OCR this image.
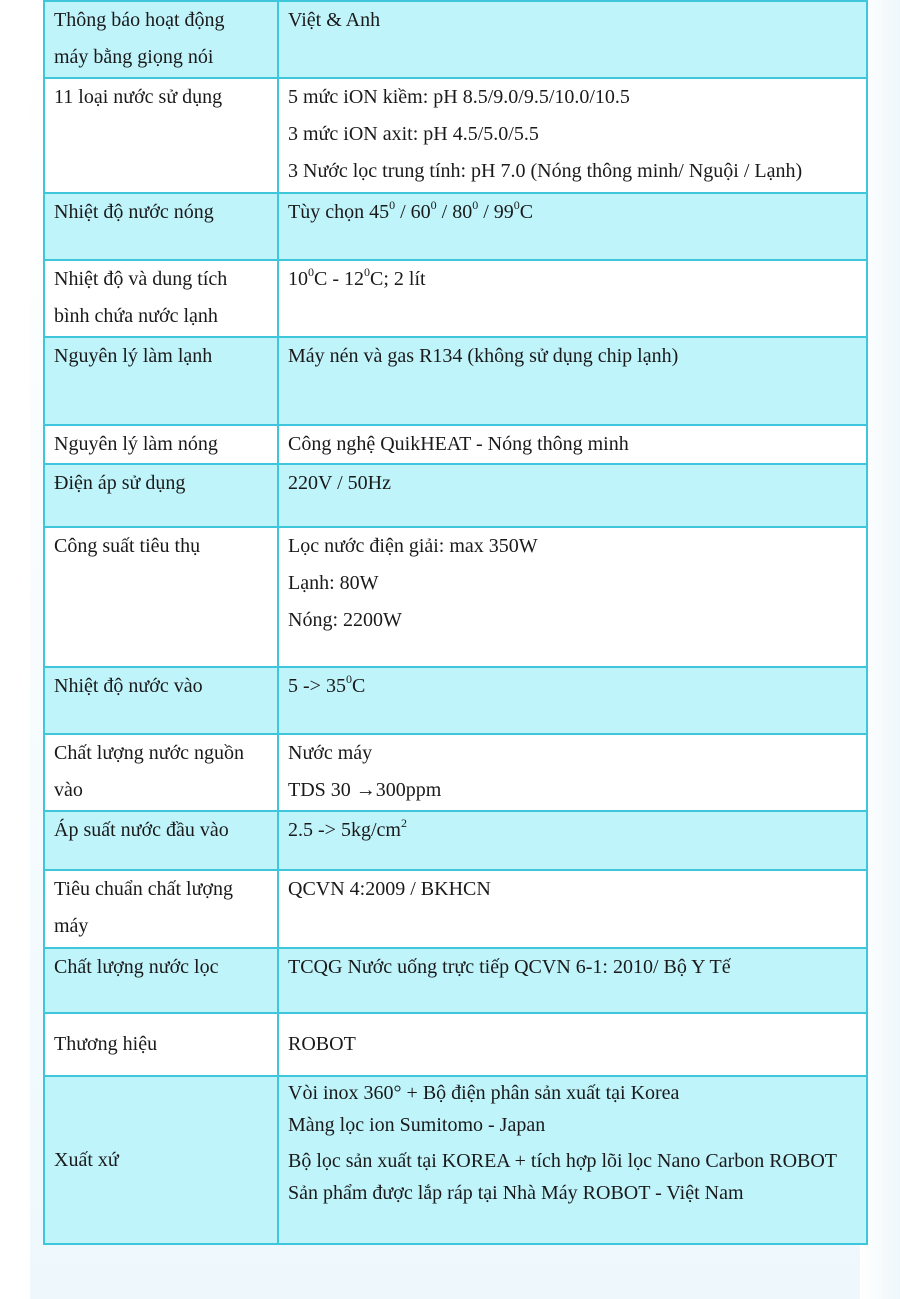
Thông báo hoạt động
máy bằng giọng nói	Việt & Anh

11 loại nước sử dụng	5 mức iON kiềm: pH 8.5/9.0/9.5/10.0/10.5
3 mức iON axit: pH 4.5/5.0/5.5
3 Nước lọc trung tính: pH 7.0 (Nóng thông minh/ Nguội / Lạnh)

Nhiệt độ nước nóng	Tùy chọn $45^0 / 60^0 / 80^0 / 99^0C$

Nhiệt độ và dung tích
bình chứa nước lạnh	$10^0C - 12^0C$; 2 lít

Nguyên lý làm lạnh	Máy nén và gas R134 (không sử dụng chip lạnh)

Nguyên lý làm nóng	Công nghệ QuikHEAT - Nóng thông minh

Điện áp sử dụng	220V / 50Hz

Công suất tiêu thụ	Lọc nước điện giải: max 350W
Lạnh: 80W
Nóng: 2200W

Nhiệt độ nước vào	$5 -> 35^0C$

Chất lượng nước nguồn
vào	Nước máy
TDS 30 →300ppm

Áp suất nước đầu vào	$2.5 -> 5kg/cm^2$

Tiêu chuẩn chất lượng
máy	QCVN 4:2009 / BKHCN

Chất lượng nước lọc	TCQG Nước uống trực tiếp QCVN 6-1: 2010/ Bộ Y Tế

Thương hiệu	ROBOT

Xuất xứ	Vòi inox 360° + Bộ điện phân sản xuất tại Korea
Màng lọc ion Sumitomo - Japan
Bộ lọc sản xuất tại KOREA + tích hợp lõi lọc Nano Carbon ROBOT
Sản phẩm được lắp ráp tại Nhà Máy ROBOT - Việt Nam
